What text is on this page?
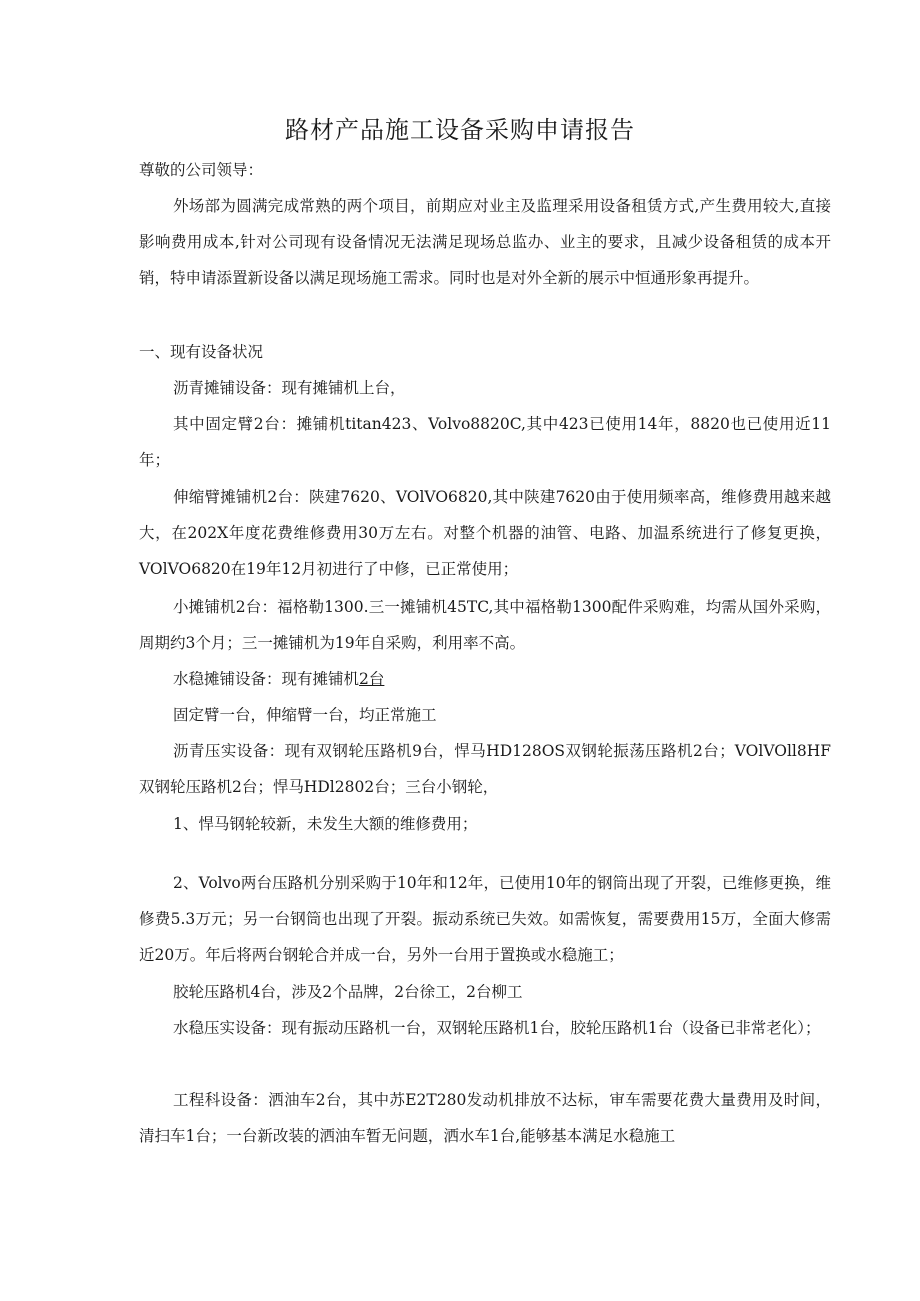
路材产品施工设备采购申请报告

尊敬的公司领导：

外场部为圆满完成常熟的两个项目，前期应对业主及监理采用设备租赁方式,产生费用较大,直接影响费用成本,针对公司现有设备情况无法满足现场总监办、业主的要求，且减少设备租赁的成本开销，特申请添置新设备以满足现场施工需求。同时也是对外全新的展示中恒通形象再提升。

一、现有设备状况

沥青摊铺设备：现有摊铺机上台，

其中固定臂2台：摊铺机titan423、Volvo8820C,其中423已使用14年，8820也已使用近11年；

伸缩臂摊铺机2台：陕建7620、VOlVO6820,其中陕建7620由于使用频率高，维修费用越来越大，在202X年度花费维修费用30万左右。对整个机器的油管、电路、加温系统进行了修复更换，VOlVO6820在19年12月初进行了中修，已正常使用；

小摊铺机2台：福格勒1300.三一摊铺机45TC,其中福格勒1300配件采购难，均需从国外采购，周期约3个月；三一摊铺机为19年自采购，利用率不高。

水稳摊铺设备：现有摊铺机2台

固定臂一台，伸缩臂一台，均正常施工

沥青压实设备：现有双钢轮压路机9台，悍马HD128OS双钢轮振荡压路机2台；VOlVOll8HF双钢轮压路机2台；悍马HDl2802台；三台小钢轮，

1、悍马钢轮较新，未发生大额的维修费用；

2、Volvo两台压路机分别采购于10年和12年，已使用10年的钢筒出现了开裂，已维修更换，维修费5.3万元；另一台钢筒也出现了开裂。振动系统已失效。如需恢复，需要费用15万，全面大修需近20万。年后将两台钢轮合并成一台，另外一台用于置换或水稳施工；

胶轮压路机4台，涉及2个品牌，2台徐工，2台柳工

水稳压实设备：现有振动压路机一台，双钢轮压路机1台，胶轮压路机1台（设备已非常老化）；

工程科设备：洒油车2台，其中苏E2T280发动机排放不达标，审车需要花费大量费用及时间，清扫车1台；一台新改装的洒油车暂无问题，洒水车1台,能够基本满足水稳施工
